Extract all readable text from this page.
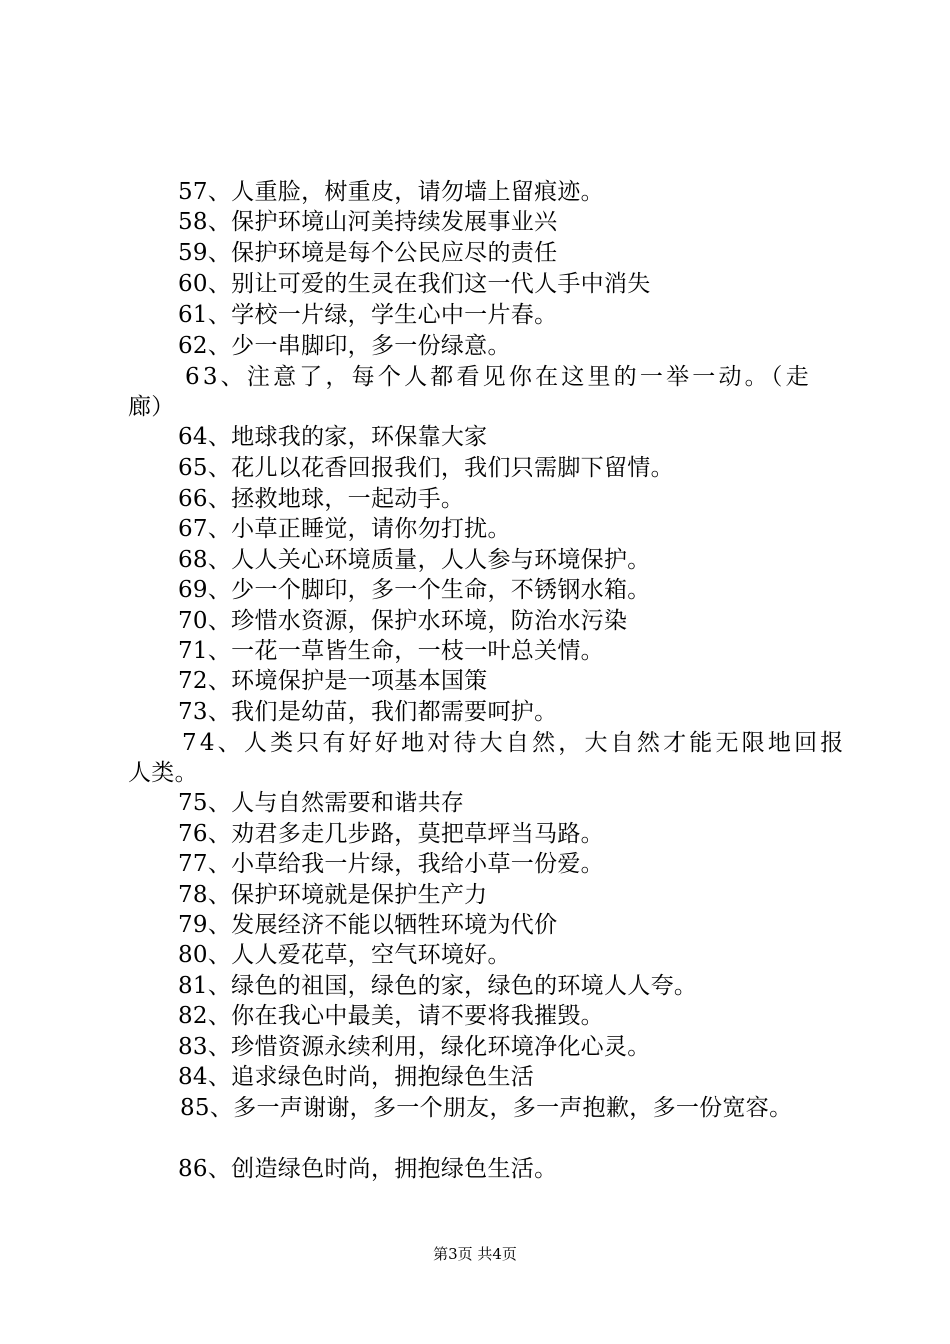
57、人重脸，树重皮，请勿墙上留痕迹。
58、保护环境山河美持续发展事业兴
59、保护环境是每个公民应尽的责任
60、别让可爱的生灵在我们这一代人手中消失
61、学校一片绿，学生心中一片春。
62、少一串脚印，多一份绿意。
63、注意了，每个人都看见你在这里的一举一动。（走
廊）
64、地球我的家，环保靠大家
65、花儿以花香回报我们，我们只需脚下留情。
66、拯救地球，一起动手。
67、小草正睡觉，请你勿打扰。
68、人人关心环境质量，人人参与环境保护。
69、少一个脚印，多一个生命，不锈钢水箱。
70、珍惜水资源，保护水环境，防治水污染
71、一花一草皆生命，一枝一叶总关情。
72、环境保护是一项基本国策
73、我们是幼苗，我们都需要呵护。
74、人类只有好好地对待大自然，大自然才能无限地回报
人类。
75、人与自然需要和谐共存
76、劝君多走几步路，莫把草坪当马路。
77、小草给我一片绿，我给小草一份爱。
78、保护环境就是保护生产力
79、发展经济不能以牺牲环境为代价
80、人人爱花草，空气环境好。
81、绿色的祖国，绿色的家，绿色的环境人人夸。
82、你在我心中最美，请不要将我摧毁。
83、珍惜资源永续利用，绿化环境净化心灵。
84、追求绿色时尚，拥抱绿色生活
85、多一声谢谢，多一个朋友，多一声抱歉，多一份宽容。
86、创造绿色时尚，拥抱绿色生活。
第3页 共4页
